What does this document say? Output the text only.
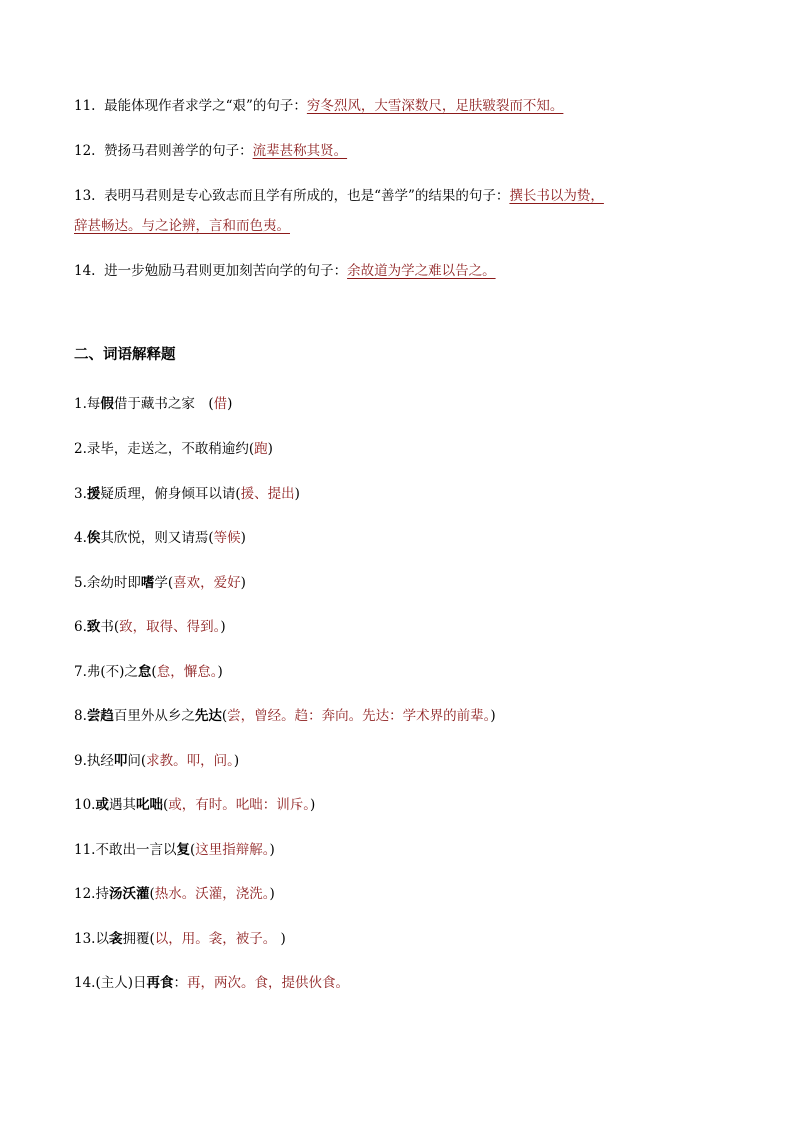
11. 最能体现作者求学之“艰”的句子：穷冬烈风，大雪深数尺，足肤皲裂而不知。
12. 赞扬马君则善学的句子：流辈甚称其贤。
13. 表明马君则是专心致志而且学有所成的，也是“善学”的结果的句子：撰长书以为贽，
辞甚畅达。与之论辨，言和而色夷。
14. 进一步勉励马君则更加刻苦向学的句子：余故道为学之难以告之。
二、词语解释题
1.每假借于藏书之家　(借)
2.录毕，走送之，不敢稍逾约(跑)
3.援疑质理，俯身倾耳以请(援、提出)
4.俟其欣悦，则又请焉(等候)
5.余幼时即嗜学(喜欢，爱好)
6.致书(致，取得、得到。)
7.弗(不)之怠(怠，懈怠。)
8.尝趋百里外从乡之先达(尝，曾经。趋：奔向。先达：学术界的前辈。)
9.执经叩问(求教。叩，问。)
10.或遇其叱咄(或，有时。叱咄：训斥。)
11.不敢出一言以复(这里指辩解。)
12.持汤沃灌(热水。沃灌，浇洗。)
13.以衾拥覆(以，用。衾，被子。 )
14.(主人)日再食：再，两次。食，提供伙食。
